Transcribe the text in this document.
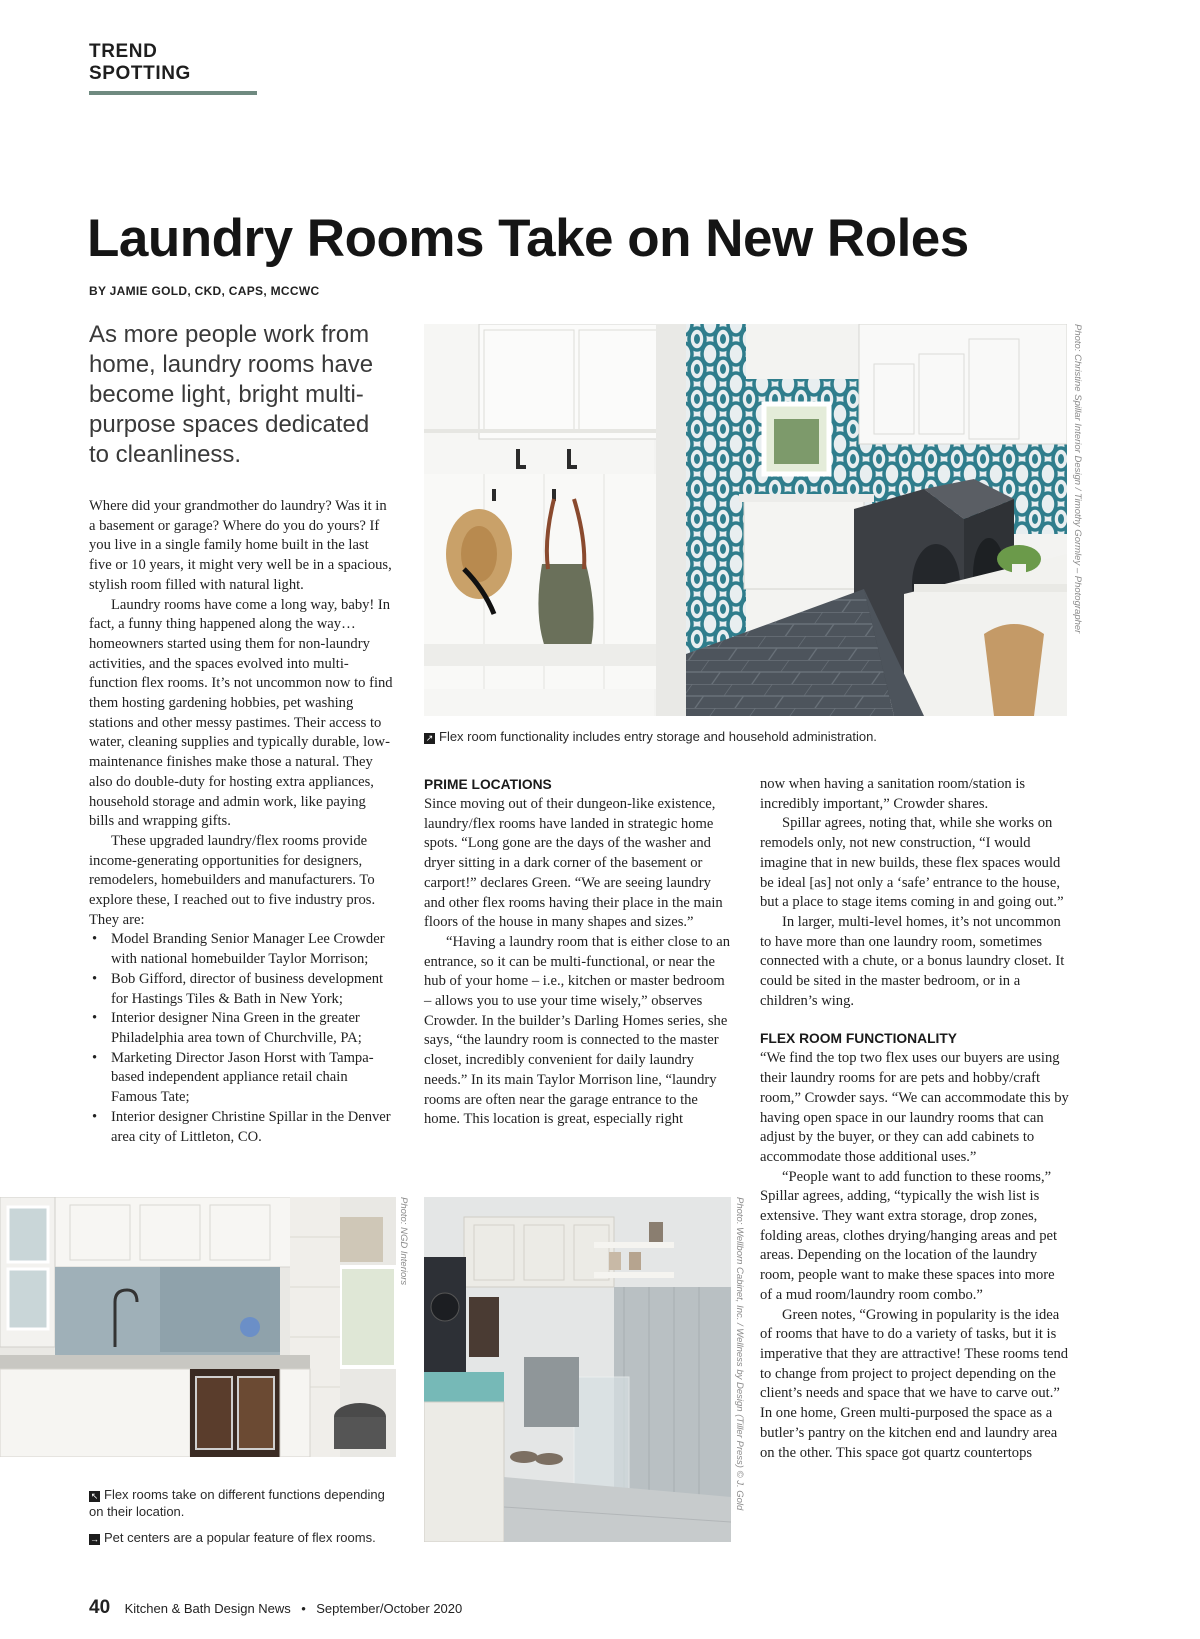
TREND SPOTTING
Laundry Rooms Take on New Roles
BY JAMIE GOLD, CKD, CAPS, MCCWC
As more people work from home, laundry rooms have become light, bright multi-purpose spaces dedicated to cleanliness.

Where did your grandmother do laundry? Was it in a basement or garage? Where do you do yours? If you live in a single family home built in the last five or 10 years, it might very well be in a spacious, stylish room filled with natural light.

Laundry rooms have come a long way, baby! In fact, a funny thing happened along the way… homeowners started using them for non-laundry activities, and the spaces evolved into multi-function flex rooms. It’s not uncommon now to find them hosting gardening hobbies, pet washing stations and other messy pastimes. Their access to water, cleaning supplies and typically durable, low-maintenance finishes make those a natural. They also do double-duty for hosting extra appliances, household storage and admin work, like paying bills and wrapping gifts.

These upgraded laundry/flex rooms provide income-generating opportunities for designers, remodelers, homebuilders and manufacturers. To explore these, I reached out to five industry pros. They are:

• Model Branding Senior Manager Lee Crowder with national homebuilder Taylor Morrison;
• Bob Gifford, director of business development for Hastings Tiles & Bath in New York;
• Interior designer Nina Green in the greater Philadelphia area town of Churchville, PA;
• Marketing Director Jason Horst with Tampa-based independent appliance retail chain Famous Tate;
• Interior designer Christine Spillar in the Denver area city of Littleton, CO.
Photo: Christine Spillar Interior Design / Timothy Gormley – Photographer
↗ Flex room functionality includes entry storage and household administration.
PRIME LOCATIONS

Since moving out of their dungeon-like existence, laundry/flex rooms have landed in strategic home spots. “Long gone are the days of the washer and dryer sitting in a dark corner of the basement or carport!” declares Green. “We are seeing laundry and other flex rooms having their place in the main floors of the house in many shapes and sizes.”

“Having a laundry room that is either close to an entrance, so it can be multi-functional, or near the hub of your home – i.e., kitchen or master bedroom – allows you to use your time wisely,” observes Crowder. In the builder’s Darling Homes series, she says, “the laundry room is connected to the master closet, incredibly convenient for daily laundry needs.” In its main Taylor Morrison line, “laundry rooms are often near the garage entrance to the home. This location is great, especially right

now when having a sanitation room/station is incredibly important,” Crowder shares.

Spillar agrees, noting that, while she works on remodels only, not new construction, “I would imagine that in new builds, these flex spaces would be ideal [as] not only a ‘safe’ entrance to the house, but a place to stage items coming in and going out.”

In larger, multi-level homes, it’s not uncommon to have more than one laundry room, sometimes connected with a chute, or a bonus laundry closet. It could be sited in the master bedroom, or in a children’s wing.

FLEX ROOM FUNCTIONALITY

“We find the top two flex uses our buyers are using their laundry rooms for are pets and hobby/craft room,” Crowder says. “We can accommodate this by having open space in our laundry rooms that can adjust by the buyer, or they can add cabinets to accommodate those additional uses.”

“People want to add function to these rooms,” Spillar agrees, adding, “typically the wish list is extensive. They want extra storage, drop zones, folding areas, clothes drying/hanging areas and pet areas. Depending on the location of the laundry room, people want to make these spaces into more of a mud room/laundry room combo.”

Green notes, “Growing in popularity is the idea of rooms that have to do a variety of tasks, but it is imperative that they are attractive! These rooms tend to change from project to project depending on the client’s needs and space that we have to carve out.” In one home, Green multi-purposed the space as a butler’s pantry on the kitchen end and laundry area on the other. This space got quartz countertops

Photo: NGD Interiors	Photo: Wellborn Cabinet, Inc. / Wellness by Design (Tiller Press) © J. Gold
↖ Flex rooms take on different functions depending on their location.
→ Pet centers are a popular feature of flex rooms.
40 Kitchen & Bath Design News • September/October 2020
